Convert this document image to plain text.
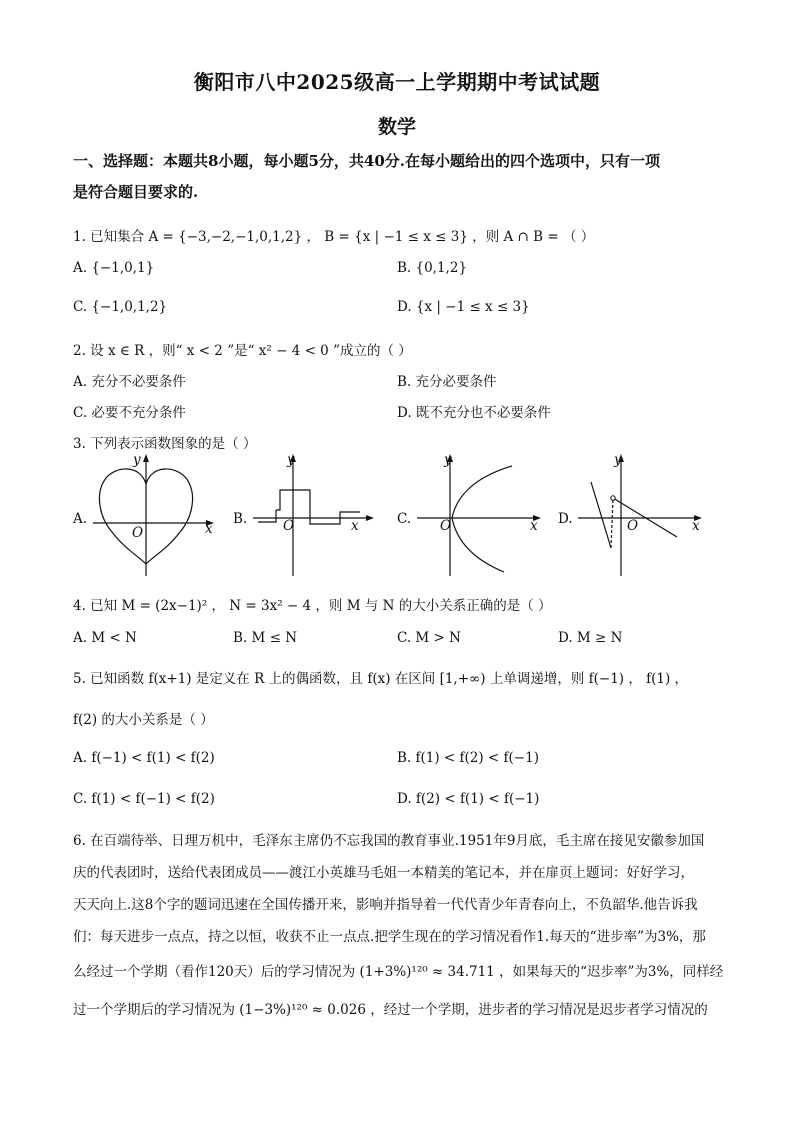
衡阳市八中2025级高一上学期期中考试试题
数学
一、选择题：本题共8小题，每小题5分，共40分.在每小题给出的四个选项中，只有一项
是符合题目要求的.
1. 已知集合 A = {−3,−2,−1,0,1,2} ， B = {x | −1 ≤ x ≤ 3} ，则 A ∩ B = （ ）
A. {−1,0,1}	B. {0,1,2}
C. {−1,0,1,2}	D. {x | −1 ≤ x ≤ 3}
2. 设 x ∈ R ，则“ x < 2 ”是“ x² − 4 < 0 ”成立的（ ）
A. 充分不必要条件	B. 充分必要条件
C. 必要不充分条件	D. 既不充分也不必要条件
3. 下列表示函数图象的是（ ）
A.	B.	C.	D.
y
x
O
y
x
O
y
x
O
y
x
O
4. 已知 M = (2x−1)² ， N = 3x² − 4 ，则 M 与 N 的大小关系正确的是（ ）
A. M < N	B. M ≤ N	C. M > N	D. M ≥ N
5. 已知函数 f(x+1) 是定义在 R 上的偶函数，且 f(x) 在区间 [1,+∞) 上单调递增，则 f(−1) ， f(1) ，
f(2) 的大小关系是（ ）
A. f(−1) < f(1) < f(2)	B. f(1) < f(2) < f(−1)
C. f(1) < f(−1) < f(2)	D. f(2) < f(1) < f(−1)
6. 在百端待举、日理万机中，毛泽东主席仍不忘我国的教育事业.1951年9月底，毛主席在接见安徽参加国
庆的代表团时，送给代表团成员——渡江小英雄马毛姐一本精美的笔记本，并在扉页上题词：好好学习，
天天向上.这8个字的题词迅速在全国传播开来，影响并指导着一代代青少年青春向上，不负韶华.他告诉我
们：每天进步一点点，持之以恒，收获不止一点点.把学生现在的学习情况看作1.每天的“进步率”为3%，那
么经过一个学期（看作120天）后的学习情况为 (1+3%)¹²⁰ ≈ 34.711 ，如果每天的“迟步率”为3%，同样经
过一个学期后的学习情况为 (1−3%)¹²⁰ ≈ 0.026 ，经过一个学期，进步者的学习情况是迟步者学习情况的
